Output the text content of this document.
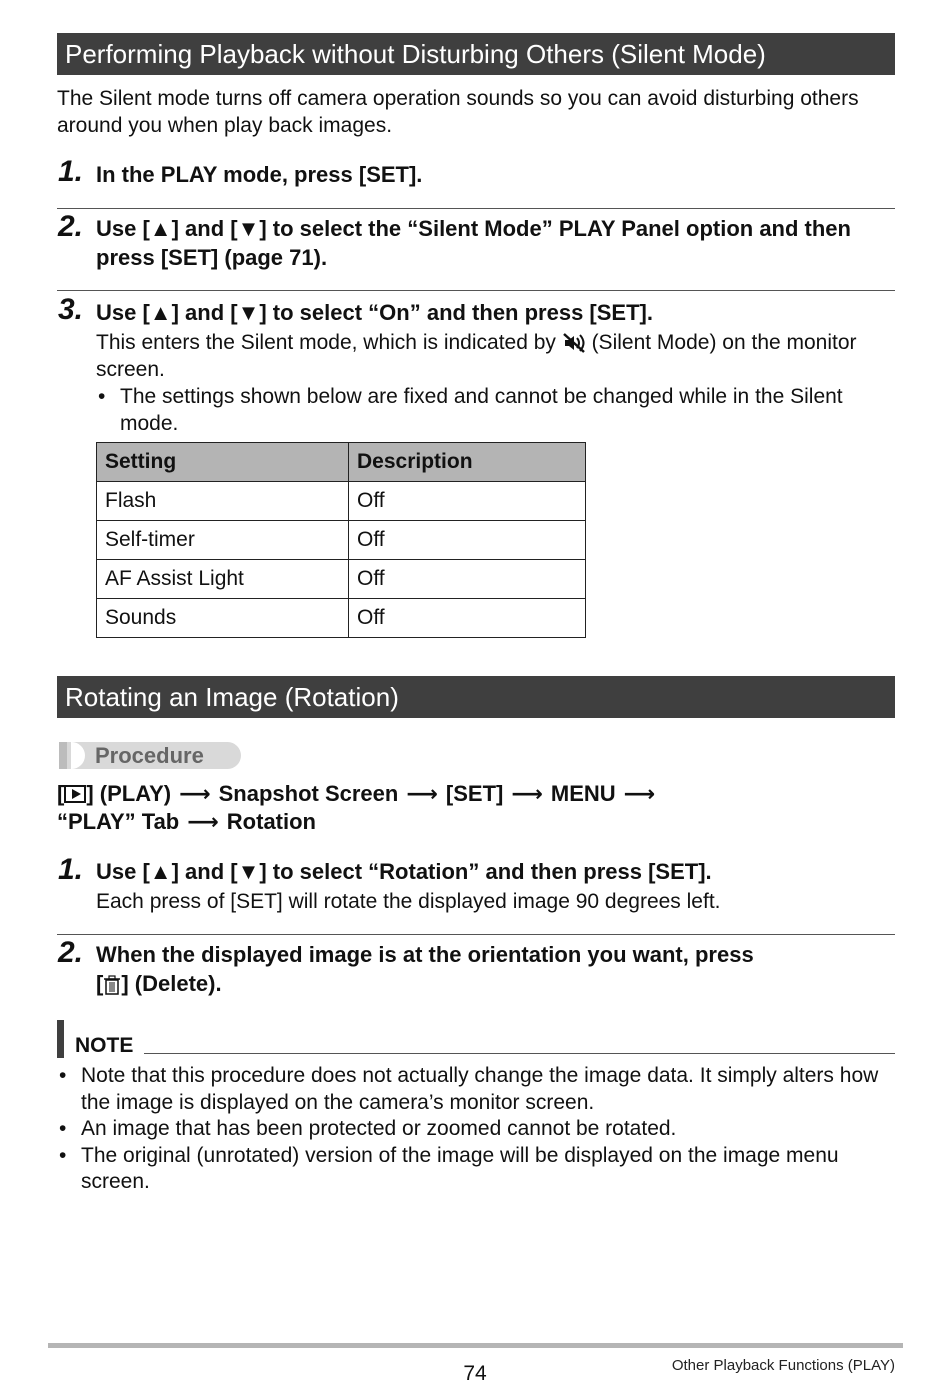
Performing Playback without Disturbing Others (Silent Mode)
The Silent mode turns off camera operation sounds so you can avoid disturbing others around you when play back images.
1. In the PLAY mode, press [SET].
2. Use [▲] and [▼] to select the “Silent Mode” PLAY Panel option and then press [SET] (page 71).
3. Use [▲] and [▼] to select “On” and then press [SET].
This enters the Silent mode, which is indicated by  (Silent Mode) on the monitor screen.
• The settings shown below are fixed and cannot be changed while in the Silent mode.
Setting	Description
Flash	Off
Self-timer	Off
AF Assist Light	Off
Sounds	Off
Rotating an Image (Rotation)
Procedure
[ ] (PLAY) ⟶ Snapshot Screen ⟶ [SET] ⟶ MENU ⟶
“PLAY” Tab ⟶ Rotation
1. Use [▲] and [▼] to select “Rotation” and then press [SET].
Each press of [SET] will rotate the displayed image 90 degrees left.
2. When the displayed image is at the orientation you want, press
[ ] (Delete).
NOTE
• Note that this procedure does not actually change the image data. It simply alters how the image is displayed on the camera’s monitor screen.
• An image that has been protected or zoomed cannot be rotated.
• The original (unrotated) version of the image will be displayed on the image menu screen.
74	Other Playback Functions (PLAY)
